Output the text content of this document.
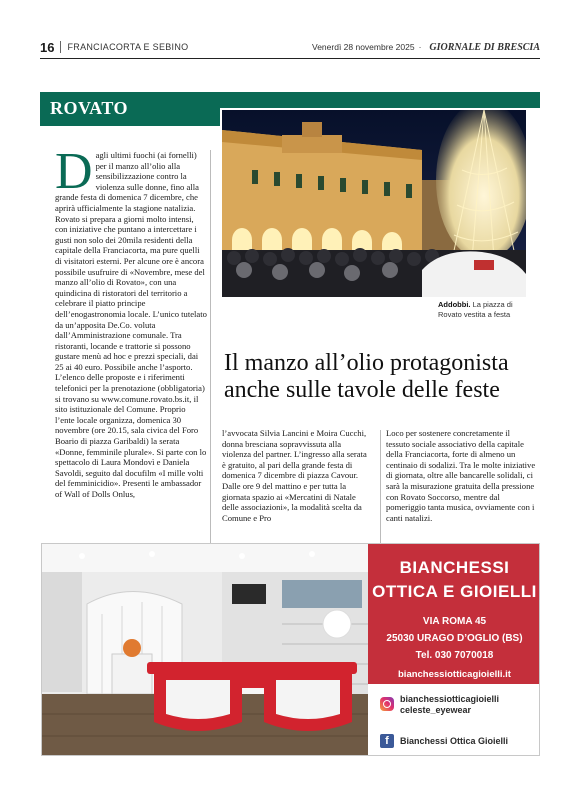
16 FRANCIACORTA E SEBINO	Venerdì 28 novembre 2025 · GIORNALE DI BRESCIA
ROVATO
D agli ultimi fuochi (ai fornelli) per il manzo all’olio alla sensibilizzazione contro la violenza sulle donne, fino alla grande festa di domenica 7 dicembre, che aprirà ufficialmente la stagione natalizia. Rovato si prepara a giorni molto intensi, con iniziative che puntano a intercettare i gusti non solo dei 20mila residenti della capitale della Franciacorta, ma pure quelli di visitatori esterni. Per alcune ore è ancora possibile usufruire di «Novembre, mese del manzo all’olio di Rovato», con una quindicina di ristoratori del territorio a celebrare il piatto principe dell’enogastronomia locale. L’unico tutelato da un’apposita De.Co. voluta dall’Amministrazione comunale. Tra ristoranti, locande e trattorie si possono gustare menù ad hoc e prezzi speciali, dai 25 ai 40 euro. Possibile anche l’asporto. L’elenco delle proposte e i riferimenti telefonici per la prenotazione (obbligatoria) si trovano su www.comune.rovato.bs.it, il sito istituzionale del Comune. Proprio l’ente locale organizza, domenica 30 novembre (ore 20.15, sala civica del Foro Boario di piazza Garibaldi) la serata «Donne, femminile plurale». Si parte con lo spettacolo di Laura Mondovì e Daniela Savoldi, seguito dal docufilm «I mille volti del femminicidio». Presenti le ambassador of Wall of Dolls Onlus,
Addobbi. La piazza di Rovato vestita a festa
Il manzo all’olio protagonista anche sulle tavole delle feste
l’avvocata Silvia Lancini e Moira Cucchi, donna bresciana sopravvissuta alla violenza del partner. L’ingresso alla serata è gratuito, al pari della grande festa di domenica 7 dicembre di piazza Cavour. Dalle ore 9 del mattino e per tutta la giornata spazio ai «Mercatini di Natale delle associazioni», la modalità scelta da Comune e Pro
Loco per sostenere concretamente il tessuto sociale associativo della capitale della Franciacorta, forte di almeno un centinaio di sodalizi. Tra le molte iniziative di giornata, oltre alle bancarelle solidali, ci sarà la misurazione gratuita della pressione con Rovato Soccorso, mentre dal pomeriggio tanta musica, ovviamente con i canti natalizi.
BIANCHESSI
OTTICA E GIOIELLI
VIA ROMA 45
25030 URAGO D’OGLIO (BS)
Tel. 030 7070018
bianchessiotticagioielli.it
bianchessiotticagioielli
celeste_eyewear
f	Bianchessi Ottica Gioielli
